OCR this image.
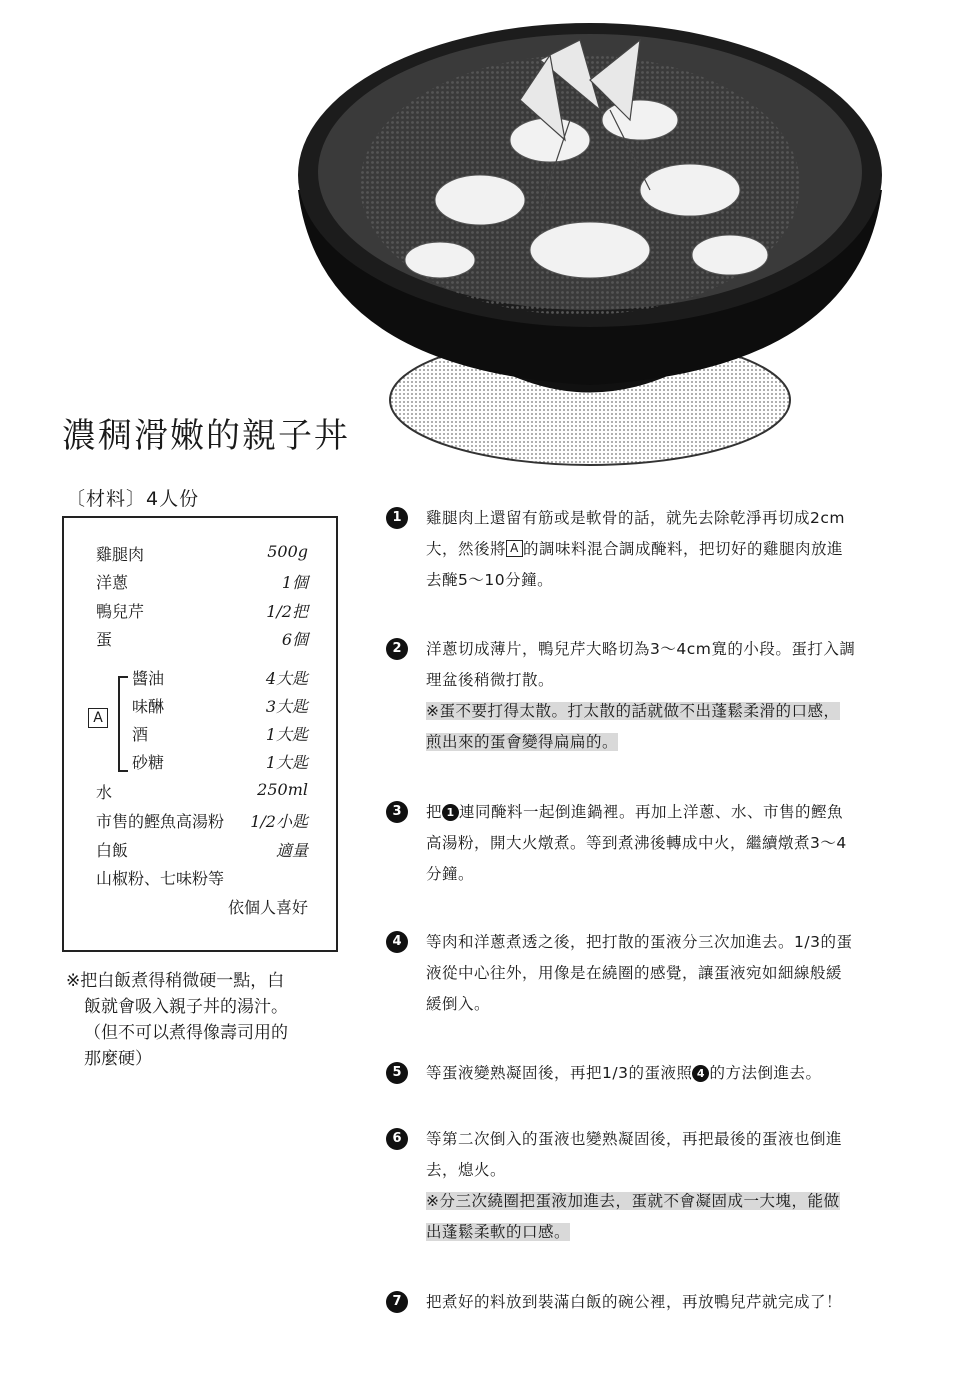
濃稠滑嫩的親子丼
〔材料〕4人份
雞腿肉	500g
洋蔥	1個
鴨兒芹	1/2把
蛋	6個
A
醬油	4大匙
味醂	3大匙
酒	1大匙
砂糖	1大匙
水	250ml
市售的鰹魚高湯粉 1/2小匙
白飯	適量
山椒粉、七味粉等
依個人喜好
※把白飯煮得稍微硬一點，白
飯就會吸入親子丼的湯汁。
（但不可以煮得像壽司用的
那麼硬）
1	雞腿肉上還留有筋或是軟骨的話，就先去除乾淨再切成2cm
大，然後將 A 的調味料混合調成醃料，把切好的雞腿肉放進
去醃5～10分鐘。
2	洋蔥切成薄片，鴨兒芹大略切為3～4cm寬的小段。蛋打入調
理盆後稍微打散。
※蛋不要打得太散。打太散的話就做不出蓬鬆柔滑的口感，
煎出來的蛋會變得扁扁的。
3	把 1 連同醃料一起倒進鍋裡。再加上洋蔥、水、市售的鰹魚
高湯粉，開大火燉煮。等到煮沸後轉成中火，繼續燉煮3～4
分鐘。
4	等肉和洋蔥煮透之後，把打散的蛋液分三次加進去。1/3的蛋
液從中心往外，用像是在繞圈的感覺，讓蛋液宛如細線般緩
緩倒入。
5	等蛋液變熟凝固後，再把1/3的蛋液照 4 的方法倒進去。
6	等第二次倒入的蛋液也變熟凝固後，再把最後的蛋液也倒進
去，熄火。
※分三次繞圈把蛋液加進去，蛋就不會凝固成一大塊，能做
出蓬鬆柔軟的口感。
7	把煮好的料放到裝滿白飯的碗公裡，再放鴨兒芹就完成了！
